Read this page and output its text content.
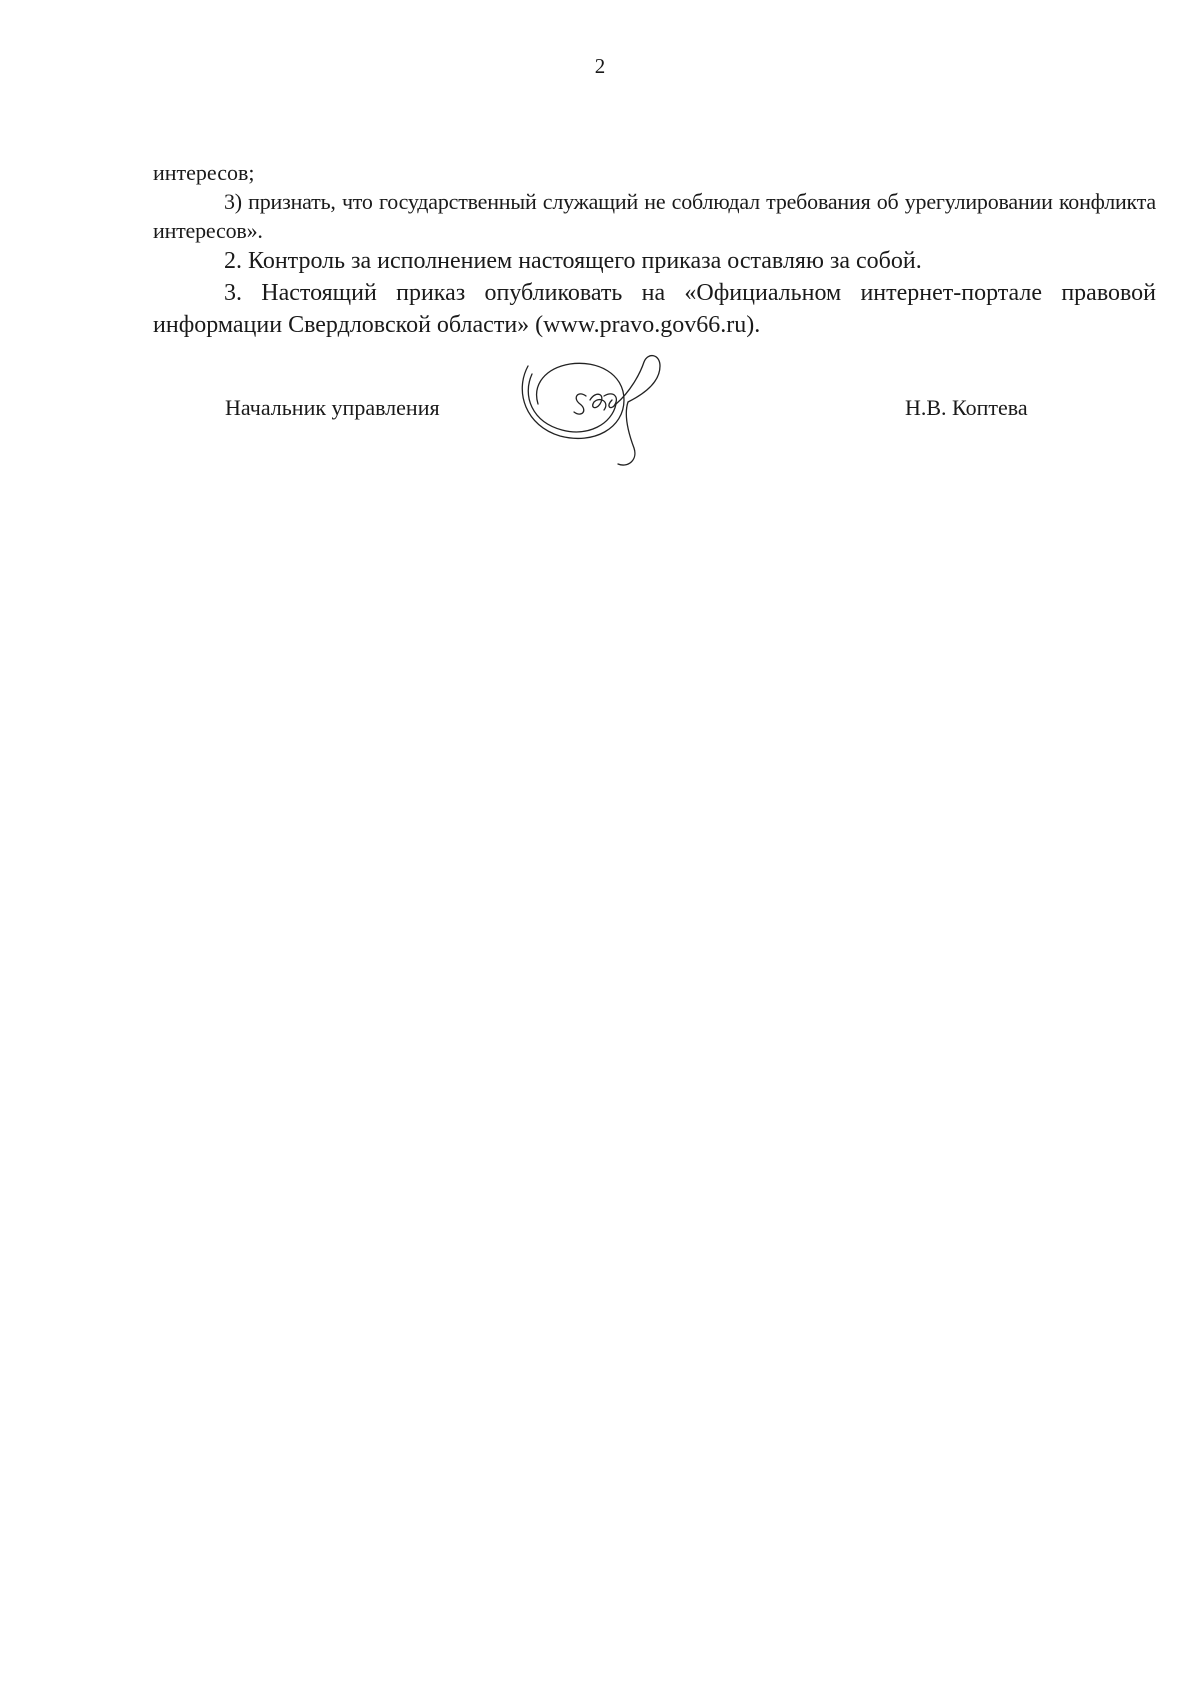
2

интересов;

3) признать, что государственный служащий не соблюдал требования об урегулировании конфликта интересов».

2. Контроль за исполнением настоящего приказа оставляю за собой.

3. Настоящий приказ опубликовать на «Официальном интернет-портале правовой информации Свердловской области» (www.pravo.gov66.ru).

Начальник управления	Н.В. Коптева
